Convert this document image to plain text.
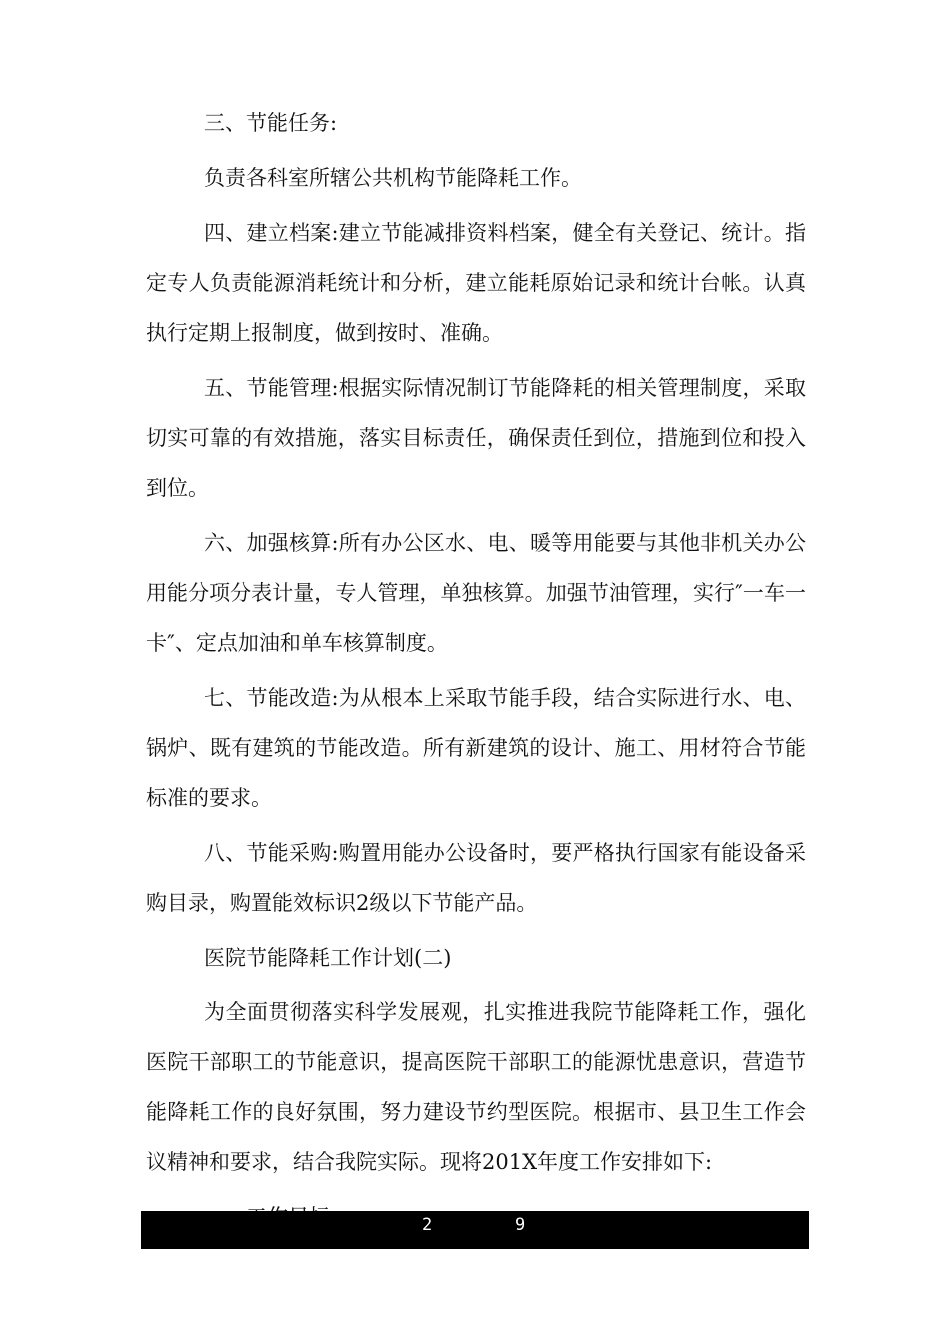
三、节能任务:

负责各科室所辖公共机构节能降耗工作。

四、建立档案:建立节能减排资料档案，健全有关登记、统计。指定专人负责能源消耗统计和分析，建立能耗原始记录和统计台帐。认真执行定期上报制度，做到按时、准确。

五、节能管理:根据实际情况制订节能降耗的相关管理制度，采取切实可靠的有效措施，落实目标责任，确保责任到位，措施到位和投入到位。

六、加强核算:所有办公区水、电、暖等用能要与其他非机关办公用能分项分表计量，专人管理，单独核算。加强节油管理，实行″一车一卡″、定点加油和单车核算制度。

七、节能改造:为从根本上采取节能手段，结合实际进行水、电、锅炉、既有建筑的节能改造。所有新建筑的设计、施工、用材符合节能标准的要求。

八、节能采购:购置用能办公设备时，要严格执行国家有能设备采购目录，购置能效标识2级以下节能产品。

医院节能降耗工作计划(二)

为全面贯彻落实科学发展观，扎实推进我院节能降耗工作，强化医院干部职工的节能意识，提高医院干部职工的能源忧患意识，营造节能降耗工作的良好氛围，努力建设节约型医院。根据市、县卫生工作会议精神和要求，结合我院实际。现将201X年度工作安排如下:

2	9
